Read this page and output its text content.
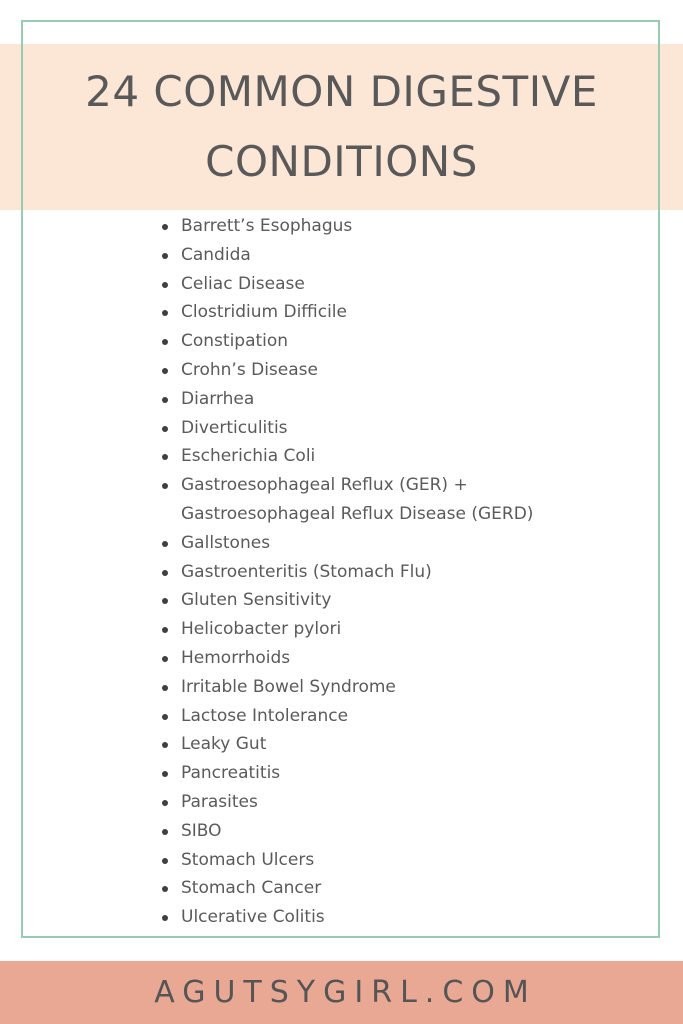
24 COMMON DIGESTIVE
CONDITIONS
Barrett’s Esophagus
Candida
Celiac Disease
Clostridium Difficile
Constipation
Crohn’s Disease
Diarrhea
Diverticulitis
Escherichia Coli
Gastroesophageal Reflux (GER) +
Gastroesophageal Reflux Disease (GERD)
Gallstones
Gastroenteritis (Stomach Flu)
Gluten Sensitivity
Helicobacter pylori
Hemorrhoids
Irritable Bowel Syndrome
Lactose Intolerance
Leaky Gut
Pancreatitis
Parasites
SIBO
Stomach Ulcers
Stomach Cancer
Ulcerative Colitis
AGUTSYGIRL.COM
